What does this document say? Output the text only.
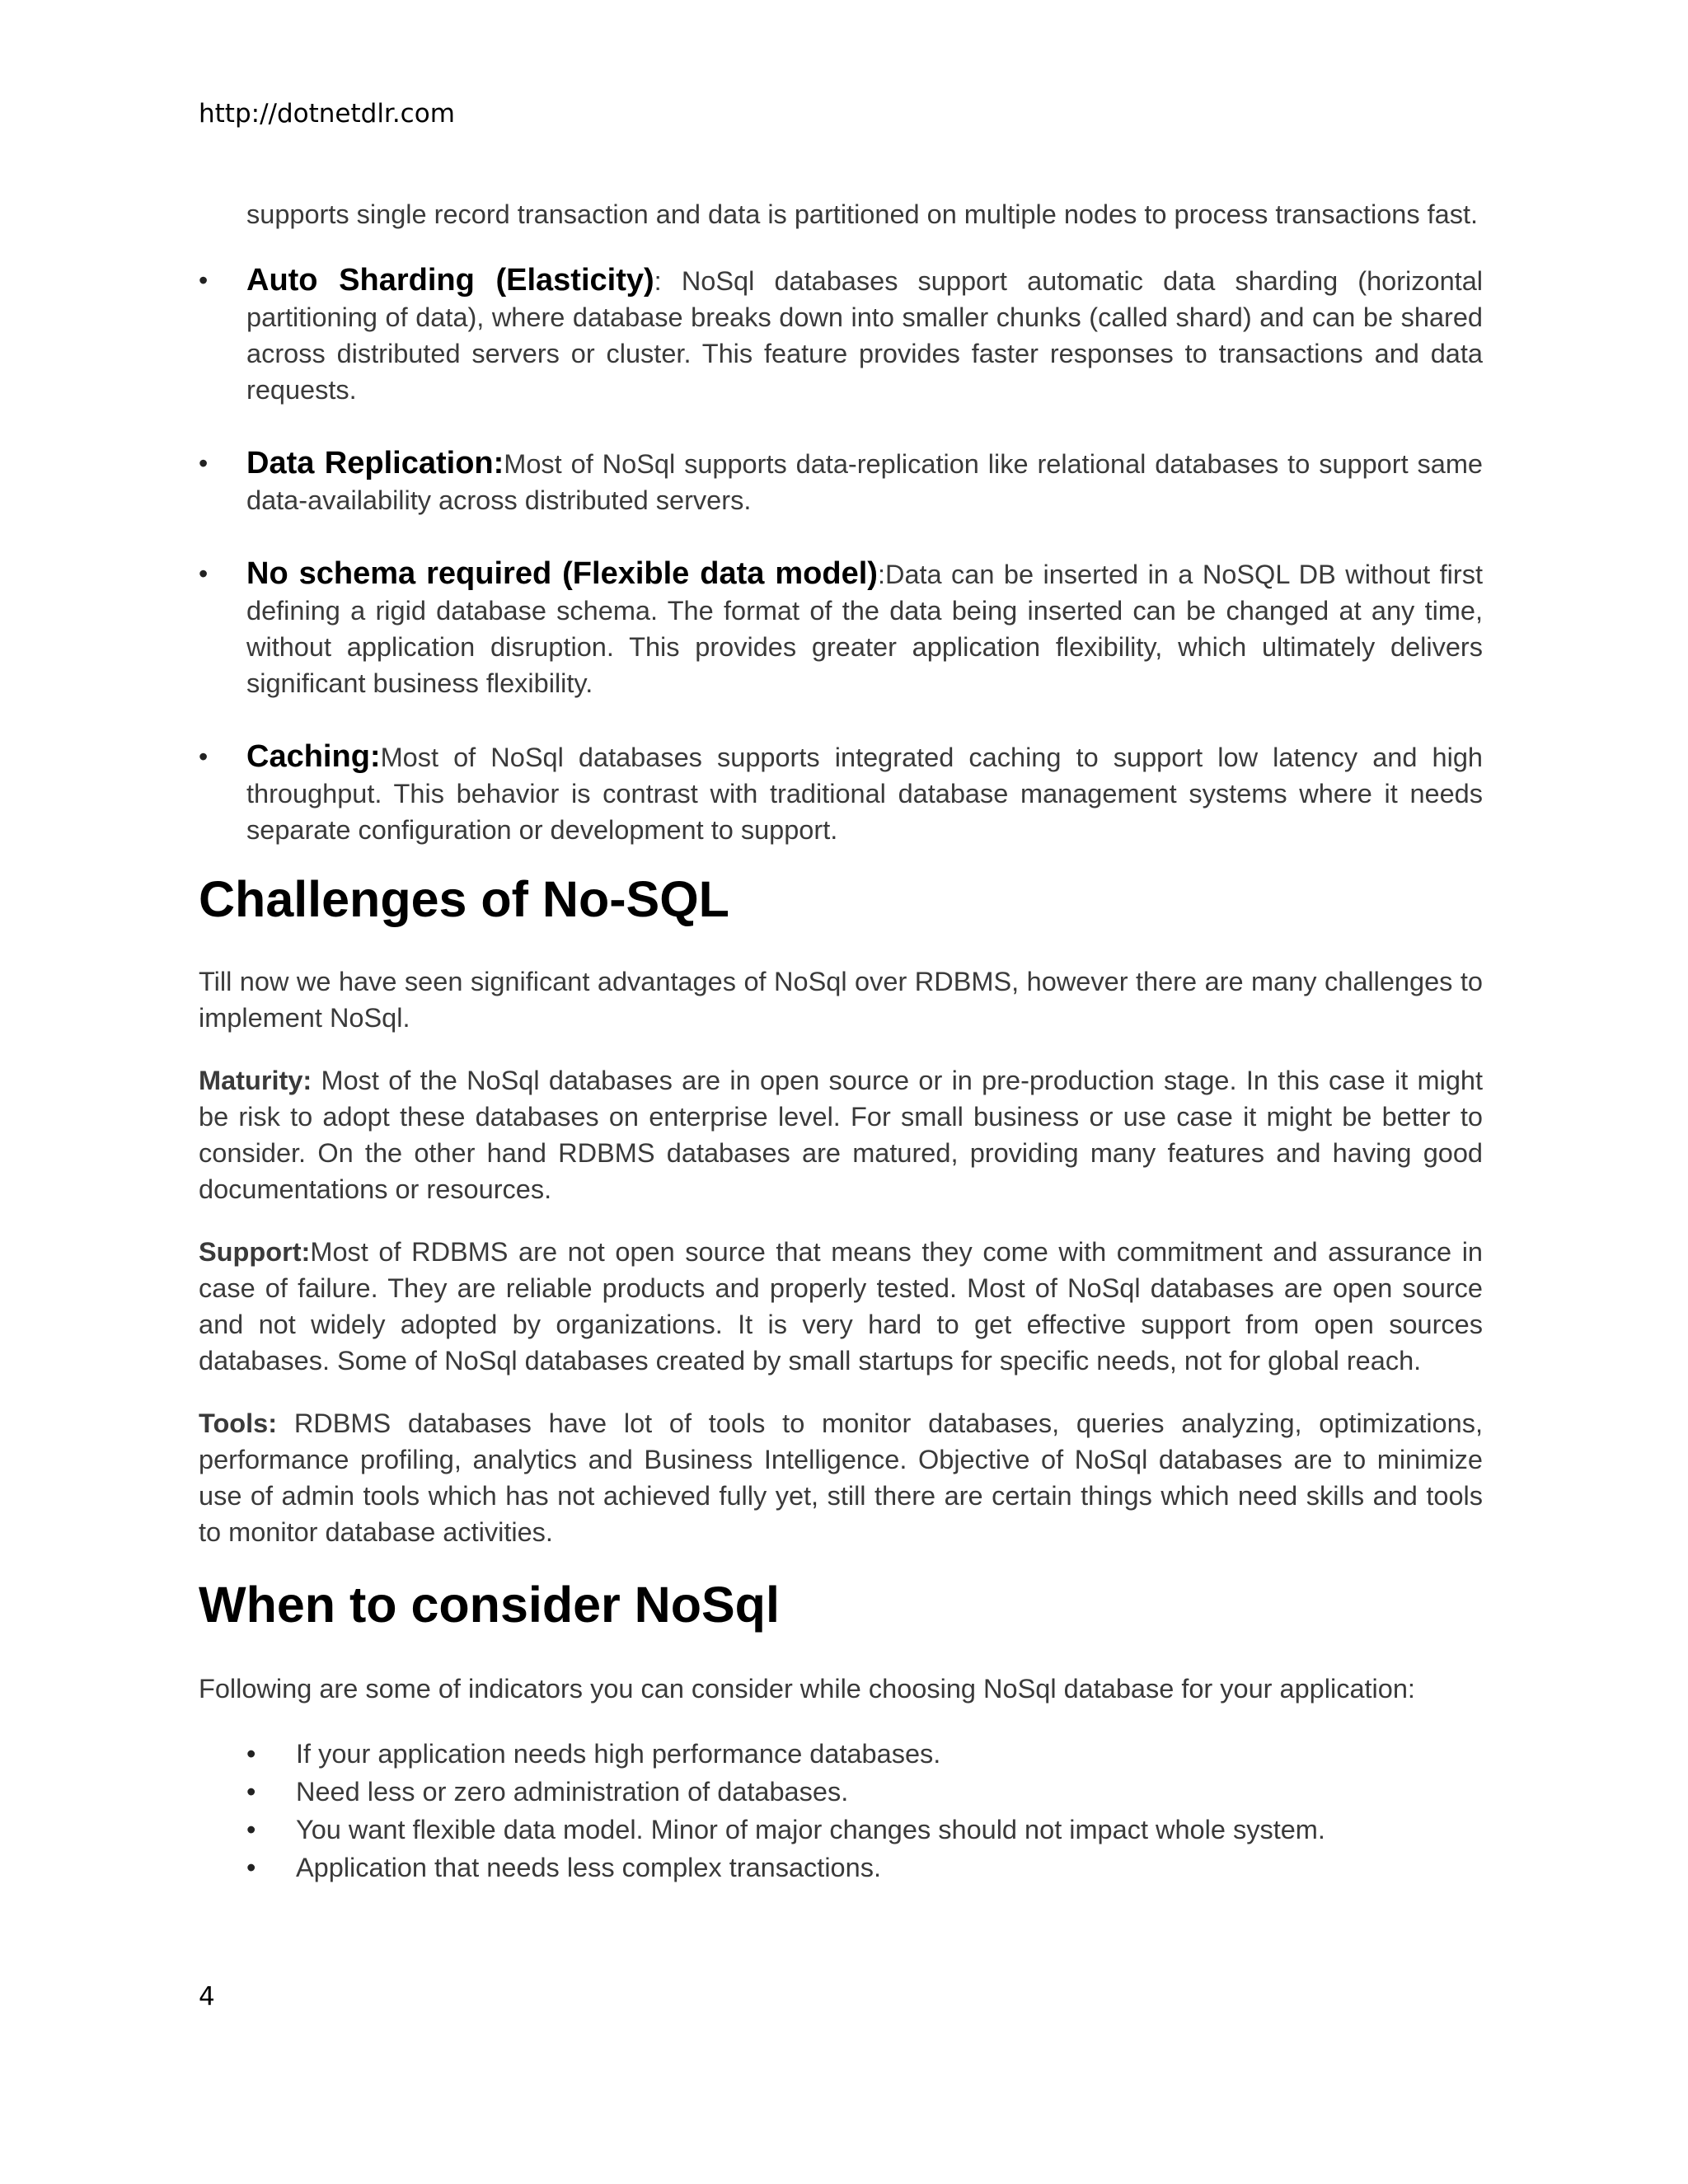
http://dotnetdlr.com

supports single record transaction and data is partitioned on multiple nodes to process transactions fast.

• Auto Sharding (Elasticity): NoSql databases support automatic data sharding (horizontal partitioning of data), where database breaks down into smaller chunks (called shard) and can be shared across distributed servers or cluster. This feature provides faster responses to transactions and data requests.

• Data Replication:Most of NoSql supports data-replication like relational databases to support same data-availability across distributed servers.

• No schema required (Flexible data model):Data can be inserted in a NoSQL DB without first defining a rigid database schema. The format of the data being inserted can be changed at any time, without application disruption. This provides greater application flexibility, which ultimately delivers significant business flexibility.

• Caching:Most of NoSql databases supports integrated caching to support low latency and high throughput. This behavior is contrast with traditional database management systems where it needs separate configuration or development to support.

Challenges of No-SQL

Till now we have seen significant advantages of NoSql over RDBMS, however there are many challenges to implement NoSql.

Maturity: Most of the NoSql databases are in open source or in pre-production stage. In this case it might be risk to adopt these databases on enterprise level. For small business or use case it might be better to consider. On the other hand RDBMS databases are matured, providing many features and having good documentations or resources.

Support:Most of RDBMS are not open source that means they come with commitment and assurance in case of failure. They are reliable products and properly tested. Most of NoSql databases are open source and not widely adopted by organizations. It is very hard to get effective support from open sources databases. Some of NoSql databases created by small startups for specific needs, not for global reach.

Tools: RDBMS databases have lot of tools to monitor databases, queries analyzing, optimizations, performance profiling, analytics and Business Intelligence. Objective of NoSql databases are to minimize use of admin tools which has not achieved fully yet, still there are certain things which need skills and tools to monitor database activities.

When to consider NoSql

Following are some of indicators you can consider while choosing NoSql database for your application:

• If your application needs high performance databases.
• Need less or zero administration of databases.
• You want flexible data model. Minor of major changes should not impact whole system.
• Application that needs less complex transactions.
4
